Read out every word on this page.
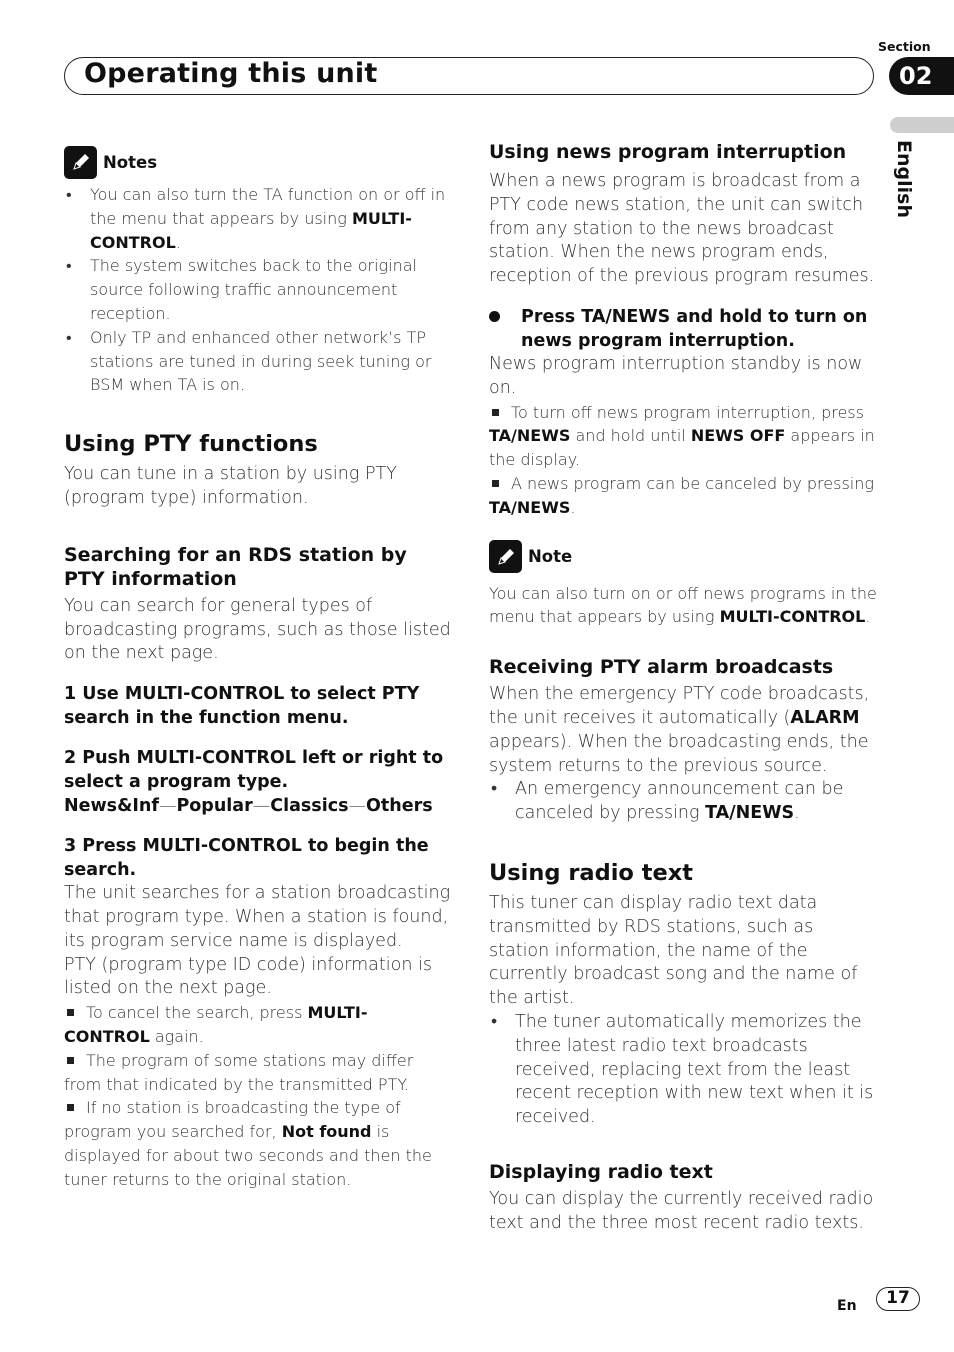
Operating this unit
Section
02
English
Notes
• You can also turn the TA function on or off in the menu that appears by using MULTI-CONTROL.
• The system switches back to the original source following traffic announcement reception.
• Only TP and enhanced other network’s TP stations are tuned in during seek tuning or BSM when TA is on.
Using PTY functions

You can tune in a station by using PTY (program type) information.

Searching for an RDS station by PTY information

You can search for general types of broadcasting programs, such as those listed on the next page.

1 Use MULTI-CONTROL to select PTY search in the function menu.

2 Push MULTI-CONTROL left or right to select a program type.

News&Inf—Popular—Classics—Others

3 Press MULTI-CONTROL to begin the search.

The unit searches for a station broadcasting that program type. When a station is found, its program service name is displayed.

PTY (program type ID code) information is listed on the next page.

To cancel the search, press MULTI-CONTROL again.
The program of some stations may differ from that indicated by the transmitted PTY.
If no station is broadcasting the type of program you searched for, Not found is displayed for about two seconds and then the tuner returns to the original station.
Using news program interruption

When a news program is broadcast from a PTY code news station, the unit can switch from any station to the news broadcast station. When the news program ends, reception of the previous program resumes.

Press TA/NEWS and hold to turn on news program interruption.

News program interruption standby is now on.

To turn off news program interruption, press TA/NEWS and hold until NEWS OFF appears in the display.
A news program can be canceled by pressing TA/NEWS.
Note

You can also turn on or off news programs in the menu that appears by using MULTI-CONTROL.

Receiving PTY alarm broadcasts

When the emergency PTY code broadcasts, the unit receives it automatically (ALARM appears). When the broadcasting ends, the system returns to the previous source.

• An emergency announcement can be canceled by pressing TA/NEWS.
Using radio text

This tuner can display radio text data transmitted by RDS stations, such as station information, the name of the currently broadcast song and the name of the artist.

• The tuner automatically memorizes the three latest radio text broadcasts received, replacing text from the least recent reception with new text when it is received.
Displaying radio text

You can display the currently received radio text and the three most recent radio texts.

En	17
